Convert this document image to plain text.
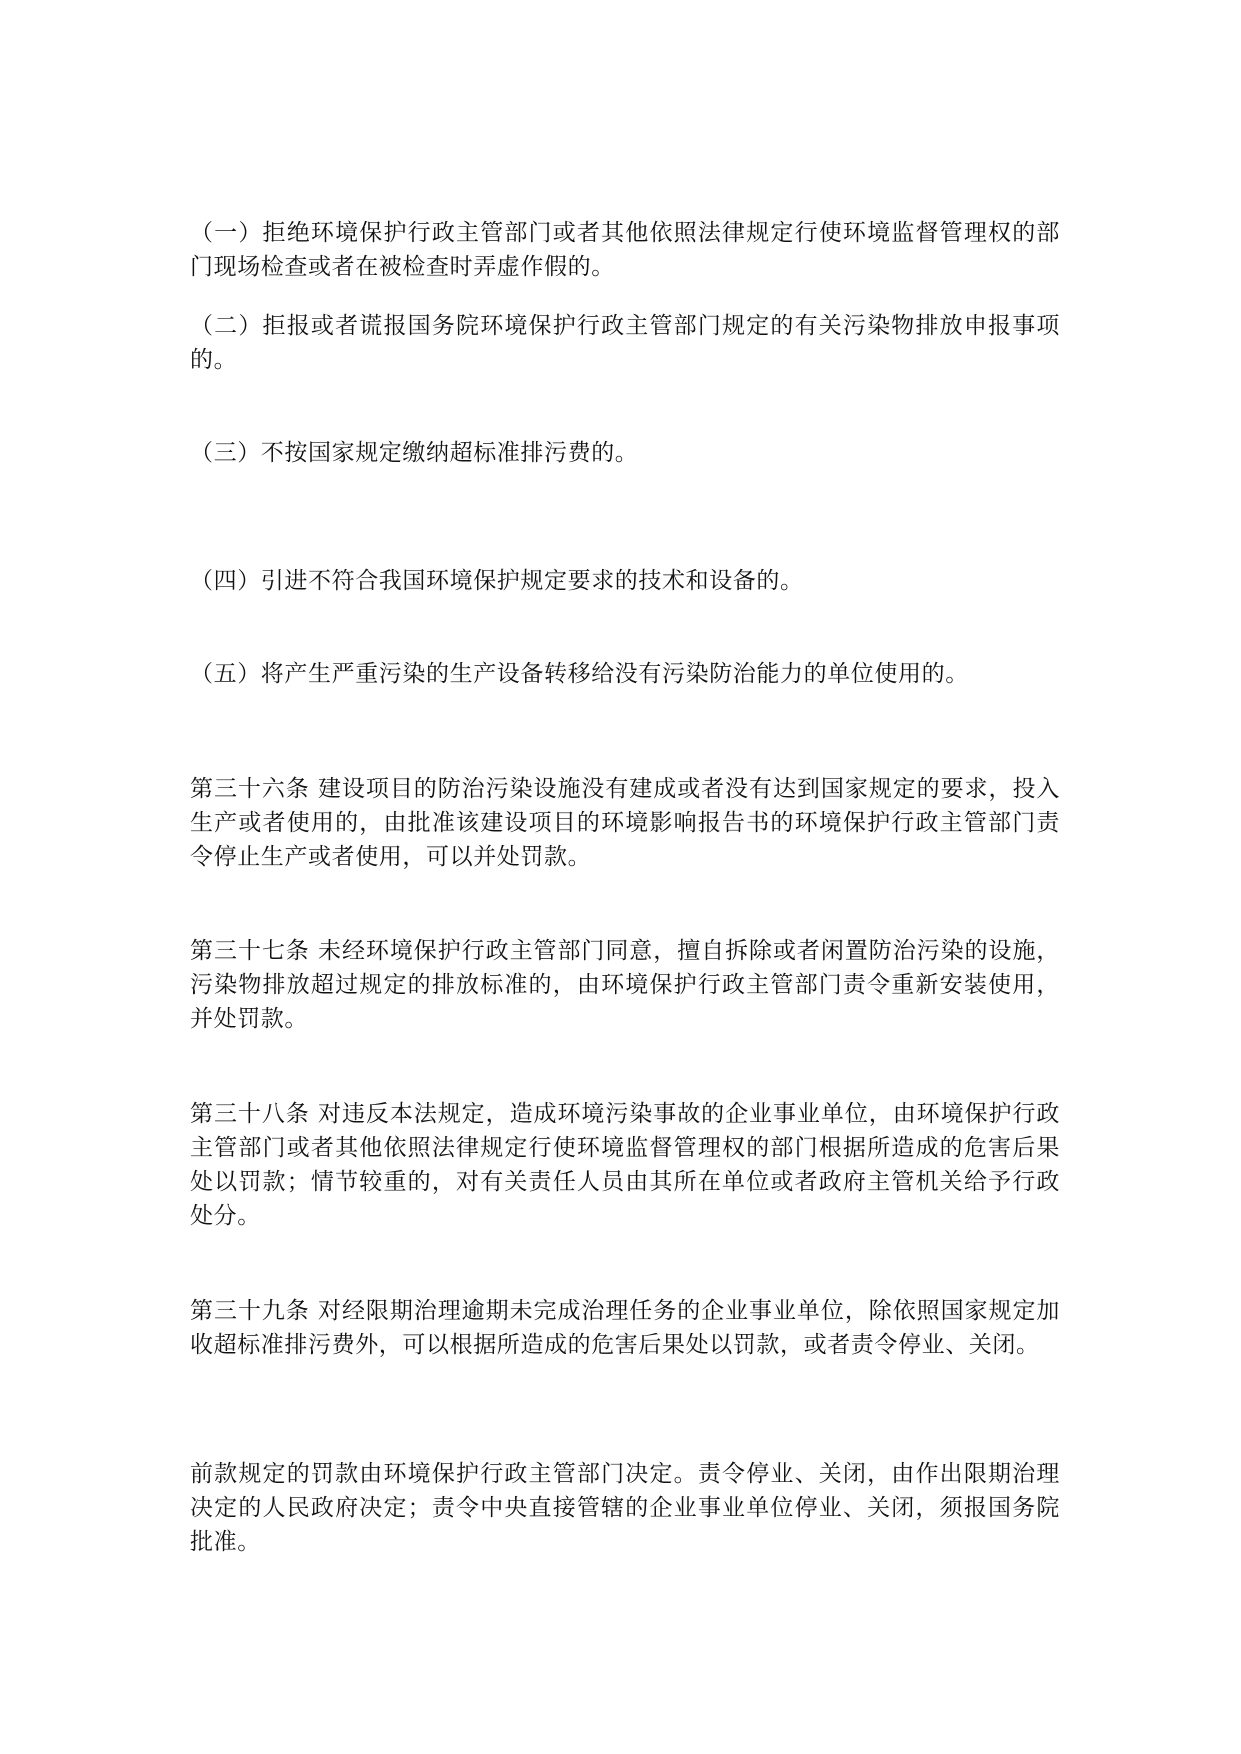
（一）拒绝环境保护行政主管部门或者其他依照法律规定行使环境监督管理权的部门现场检查或者在被检查时弄虚作假的。

（二）拒报或者谎报国务院环境保护行政主管部门规定的有关污染物排放申报事项的。

（三）不按国家规定缴纳超标准排污费的。

（四）引进不符合我国环境保护规定要求的技术和设备的。

（五）将产生严重污染的生产设备转移给没有污染防治能力的单位使用的。

第三十六条 建设项目的防治污染设施没有建成或者没有达到国家规定的要求，投入生产或者使用的，由批准该建设项目的环境影响报告书的环境保护行政主管部门责令停止生产或者使用，可以并处罚款。

第三十七条 未经环境保护行政主管部门同意，擅自拆除或者闲置防治污染的设施，污染物排放超过规定的排放标准的，由环境保护行政主管部门责令重新安装使用，并处罚款。

第三十八条 对违反本法规定，造成环境污染事故的企业事业单位，由环境保护行政主管部门或者其他依照法律规定行使环境监督管理权的部门根据所造成的危害后果处以罚款；情节较重的，对有关责任人员由其所在单位或者政府主管机关给予行政处分。

第三十九条 对经限期治理逾期未完成治理任务的企业事业单位，除依照国家规定加收超标准排污费外，可以根据所造成的危害后果处以罚款，或者责令停业、关闭。

前款规定的罚款由环境保护行政主管部门决定。责令停业、关闭，由作出限期治理决定的人民政府决定；责令中央直接管辖的企业事业单位停业、关闭，须报国务院批准。
